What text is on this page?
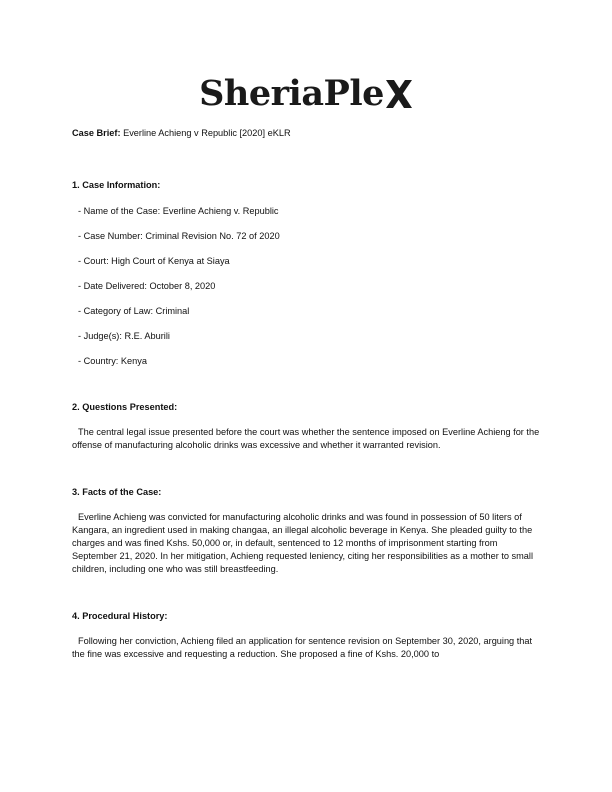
SheriaPle

Case Brief: Everline Achieng v Republic [2020] eKLR

1. Case Information:

- Name of the Case: Everline Achieng v. Republic

- Case Number: Criminal Revision No. 72 of 2020

- Court: High Court of Kenya at Siaya

- Date Delivered: October 8, 2020

- Category of Law: Criminal

- Judge(s): R.E. Aburili

- Country: Kenya

2. Questions Presented:

The central legal issue presented before the court was whether the sentence imposed on Everline Achieng for the offense of manufacturing alcoholic drinks was excessive and whether it warranted revision.

3. Facts of the Case:

Everline Achieng was convicted for manufacturing alcoholic drinks and was found in possession of 50 liters of Kangara, an ingredient used in making changaa, an illegal alcoholic beverage in Kenya. She pleaded guilty to the charges and was fined Kshs. 50,000 or, in default, sentenced to 12 months of imprisonment starting from September 21, 2020. In her mitigation, Achieng requested leniency, citing her responsibilities as a mother to small children, including one who was still breastfeeding.

4. Procedural History:

Following her conviction, Achieng filed an application for sentence revision on September 30, 2020, arguing that the fine was excessive and requesting a reduction. She proposed a fine of Kshs. 20,000 to
